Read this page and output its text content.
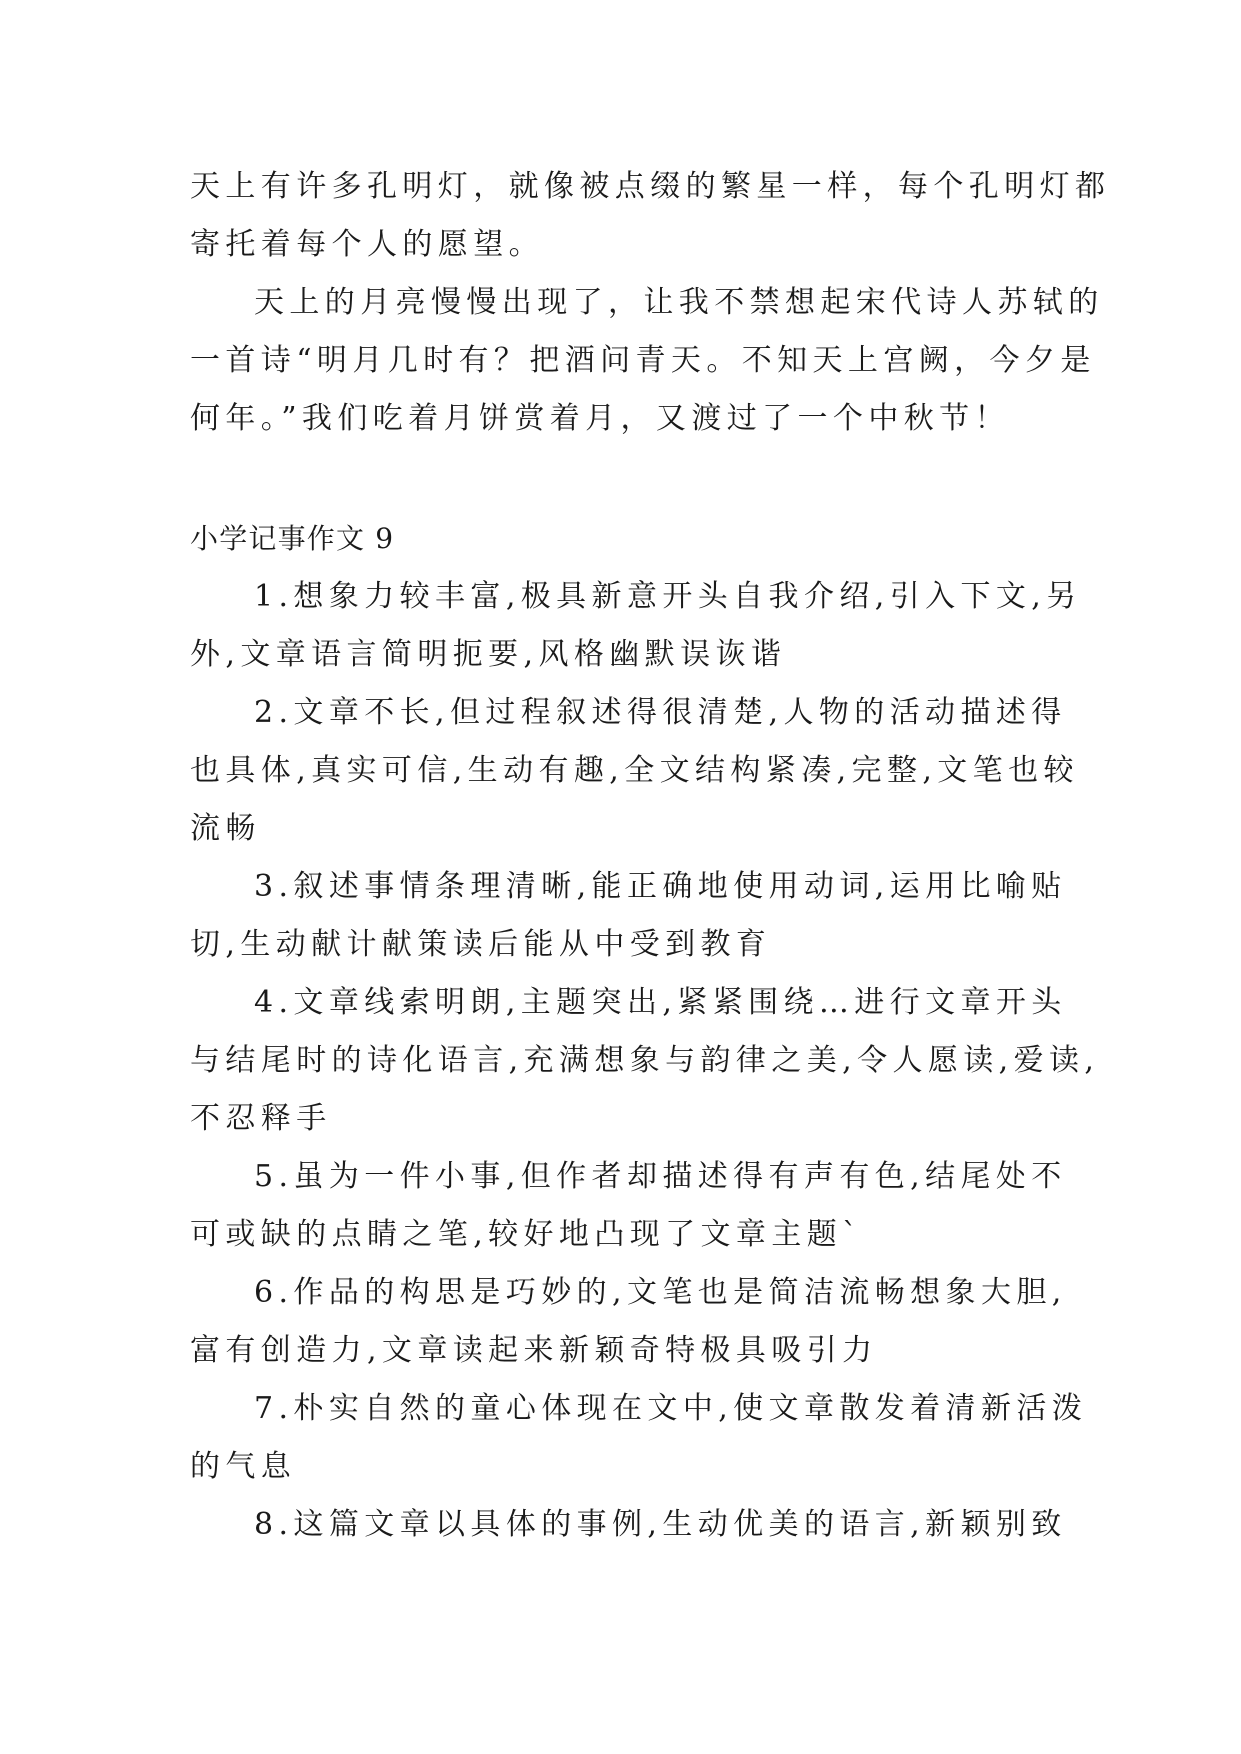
天上有许多孔明灯，就像被点缀的繁星一样，每个孔明灯都
寄托着每个人的愿望。
天上的月亮慢慢出现了，让我不禁想起宋代诗人苏轼的
一首诗“明月几时有？把酒问青天。不知天上宫阙，今夕是
何年。”我们吃着月饼赏着月，又渡过了一个中秋节！
小学记事作文 9
1.想象力较丰富,极具新意开头自我介绍,引入下文,另
外,文章语言简明扼要,风格幽默误诙谐
2.文章不长,但过程叙述得很清楚,人物的活动描述得
也具体,真实可信,生动有趣,全文结构紧凑,完整,文笔也较
流畅
3.叙述事情条理清晰,能正确地使用动词,运用比喻贴
切,生动献计献策读后能从中受到教育
4.文章线索明朗,主题突出,紧紧围绕…进行文章开头
与结尾时的诗化语言,充满想象与韵律之美,令人愿读,爱读,
不忍释手
5.虽为一件小事,但作者却描述得有声有色,结尾处不
可或缺的点睛之笔,较好地凸现了文章主题`
6.作品的构思是巧妙的,文笔也是简洁流畅想象大胆,
富有创造力,文章读起来新颖奇特极具吸引力
7.朴实自然的童心体现在文中,使文章散发着清新活泼
的气息
8.这篇文章以具体的事例,生动优美的语言,新颖别致
